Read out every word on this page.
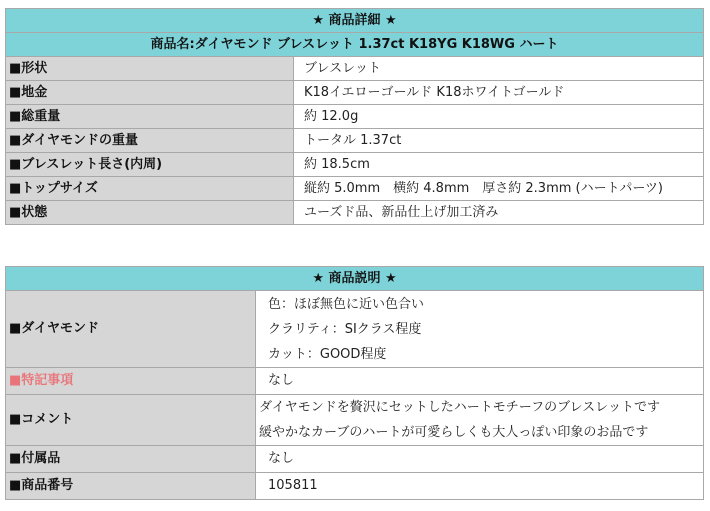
★ 商品詳細 ★	
商品名:ダイヤモンド ブレスレット 1.37ct K18YG K18WG ハート	
■形状	ブレスレット
■地金	K18イエローゴールド K18ホワイトゴールド
■総重量	約 12.0g
■ダイヤモンドの重量	トータル 1.37ct
■ブレスレット長さ(内周)	約 18.5cm
■トップサイズ	縦約 5.0mm　横約 4.8mm　厚さ約 2.3mm (ハートパーツ)
■状態	ユーズド品、新品仕上げ加工済み
★ 商品説明 ★	
■ダイヤモンド	色：ほぼ無色に近い色合い
クラリティ：SIクラス程度
カット：GOOD程度

■特記事項	なし
■コメント	ダイヤモンドを贅沢にセットしたハートモチーフのブレスレットです
緩やかなカーブのハートが可愛らしくも大人っぽい印象のお品です

■付属品	なし
■商品番号	105811
